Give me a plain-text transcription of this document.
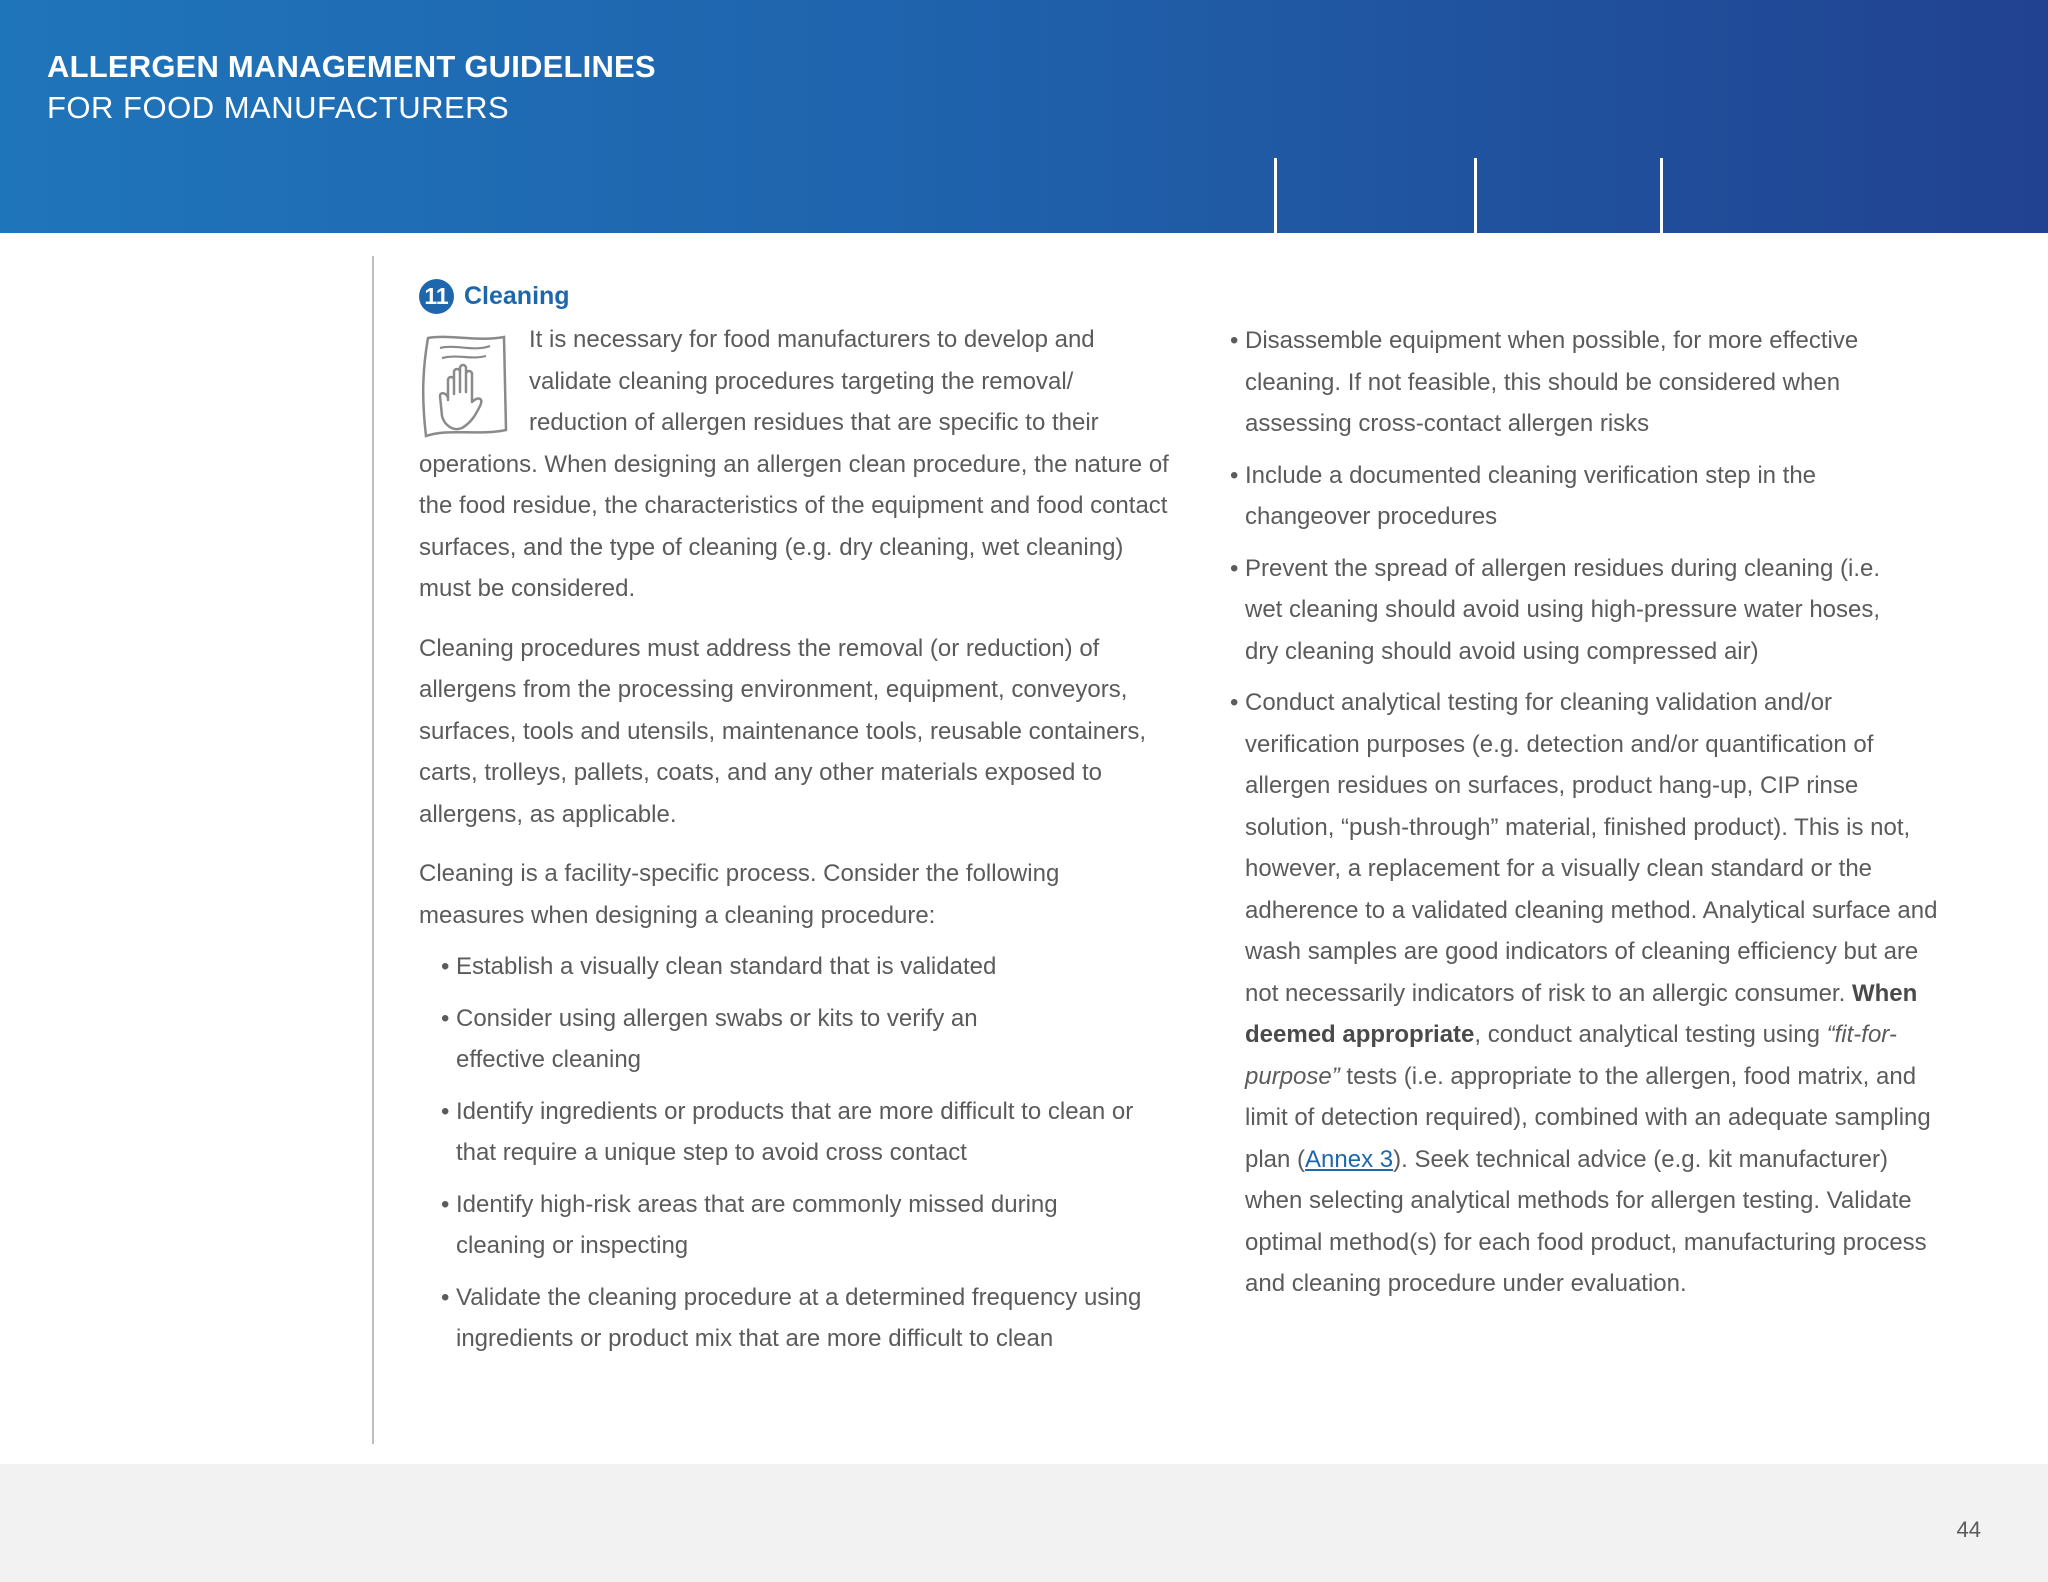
ALLERGEN MANAGEMENT GUIDELINES
FOR FOOD MANUFACTURERS
11 Cleaning
It is necessary for food manufacturers to develop and validate cleaning procedures targeting the removal/ reduction of allergen residues that are specific to their
operations. When designing an allergen clean procedure, the nature of the food residue, the characteristics of the equipment and food contact surfaces, and the type of cleaning (e.g. dry cleaning, wet cleaning) must be considered.
Cleaning procedures must address the removal (or reduction) of allergens from the processing environment, equipment, conveyors, surfaces, tools and utensils, maintenance tools, reusable containers, carts, trolleys, pallets, coats, and any other materials exposed to allergens, as applicable.
Cleaning is a facility-specific process. Consider the following measures when designing a cleaning procedure:
• Establish a visually clean standard that is validated
• Consider using allergen swabs or kits to verify an effective cleaning
• Identify ingredients or products that are more difficult to clean or that require a unique step to avoid cross contact
• Identify high-risk areas that are commonly missed during cleaning or inspecting
• Validate the cleaning procedure at a determined frequency using ingredients or product mix that are more difficult to clean
• Disassemble equipment when possible, for more effective cleaning. If not feasible, this should be considered when assessing cross-contact allergen risks
• Include a documented cleaning verification step in the changeover procedures
• Prevent the spread of allergen residues during cleaning (i.e. wet cleaning should avoid using high-pressure water hoses, dry cleaning should avoid using compressed air)
• Conduct analytical testing for cleaning validation and/or verification purposes (e.g. detection and/or quantification of allergen residues on surfaces, product hang-up, CIP rinse solution, “push-through” material, finished product). This is not, however, a replacement for a visually clean standard or the adherence to a validated cleaning method. Analytical surface and wash samples are good indicators of cleaning efficiency but are not necessarily indicators of risk to an allergic consumer. When deemed appropriate, conduct analytical testing using “fit-for-purpose” tests (i.e. appropriate to the allergen, food matrix, and limit of detection required), combined with an adequate sampling plan (Annex 3). Seek technical advice (e.g. kit manufacturer) when selecting analytical methods for allergen testing. Validate optimal method(s) for each food product, manufacturing process and cleaning procedure under evaluation.
44
